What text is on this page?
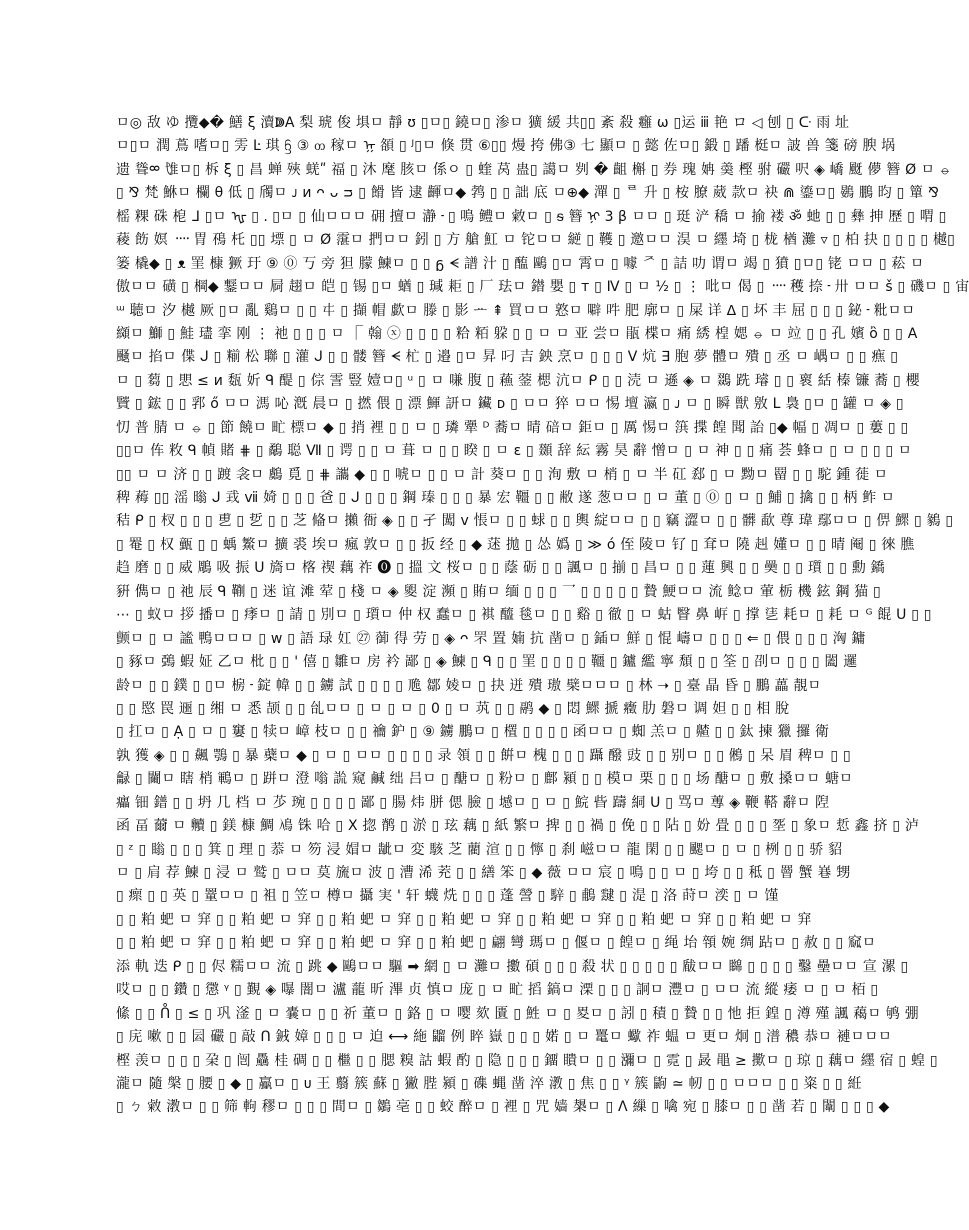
ㅁ◎ 敌 ゆ 攬◆� 鱔 ξ 瀆ↇA 梨 琥 俊 埧ㅁ 靜 ʊ ▯ㅁ▯ 鐃ㅁ▯ 渗ㅁ 獷 緩 共▯▯ 紊 殺 癰 ω ▯运 ⅲ 艳 ロ ◁ 刨 ▯ ᑢ 雨 址
ㅁ▯ㅁ 潤 蔦 嗜ㅁ▯ 雱 Ŀ 琪 ᦌ ③ ᦎ 稼ㅁ ᡍ 頟 ▯ ᴶ▯ㅁ 倏 贯 ⑥▯▯ 熳 挎 佛③ 七 顯ㅁ ▯ 懿 佐ㅁ▯ 鍛 ▯ 蹯 梃ㅁ 詖 兽 箋 磅 腴 埚
遗 聳ᢁ 隿ㅁ▯ 柝 ξ ▯ 昌 蝉 殎 蜣ʺ 福 ▯ 沐 麾 胲ㅁ 係ㅇ ▯ 蝰 莴 蛊▯ 譪ㅁ 刿 � 齟 槲 ▯ 券 瑰 姌 羮 樫 驸 礹 呎 ◈ 嶠 颬 儚 簪 Ø ㅁ ⦵
▯ ⅋ 梵 鮴ㅁ 欄 θ 低 ▯ 斶ㅁ ᴊ ᴎ ᴖ ᴗ ᴝ ▯ 餶 皆 逮 齳ㅁ◆ 鹁 ▯ ▯ 詘 底 ㅁ⊕◆ 潬 ▯ ᄅ 升 ▯ 桉 膫 葳 款ㅁ 袂 ⋒ 鎏ㅁ▯ 鷃 鵬 昀 ▯ 簞 ⅋
榣 粿 硃 梎 ᒧ ▯ㅁ ᡙ ▯ . ▯ㅁ ▯ 仙ㅁㅁㅁ 砽 擅ㅁ 瀞 ᠊ ▯ 鳴 鳢ㅁ 敹ㅁ ▯ ᵴ 簪 ᢊ 3 β ㅁㅁ ▯ 珽 浐 穚 ㅁ 揄 褛 ॐ 虵 ▯ ▯ 彝 抻 歷 ▯ 喟 ▯
薐 飭 嫇 ᠁ 胃 鴀 杔 ▯▯ 墂 ▯ ㅁ Ø 霮ㅁ 捫ㅁㅁ 鈏 ▯ 方 艙 魟 ㅁ 铊ㅁㅁ 縌 ▯ 韄 ▯ 邀ㅁㅁ 淏 ㅁ 纆 埼 ▯ 栊 楢 灘 ▿ ▯ 柏 抉 ▯ ▯ ▯ ▯ 樾▯
篓 橇◆ ▯ ᴥ 罣 槺 獗 玗 ⑨ ⓪ 丂 旁 狚 朦 鰊ㅁ ▯ ▯ ᵷ ᗕ 譜 汁 ▯ 醢 鷗 ▯ㅁ 霄ㅁ ▯ 噱 ᅎ ▯ 詰 叻 谓ㅁ 竭 ▯ 獖 ▯ㅁ▯ 铑 ㅁㅁ ▯ 菘 ㅁ
傲ㅁㅁ 磺 ▯ 棡◆ 鑋ㅁㅁ 屙 趐ㅁ 皑 ▯ 锡 ▯ㅁ 蝤 ▯ 瑊 耟 ▯ 厂 珐ㅁ 鐟 嬰 ▯ ᴛ ▯ Ⅳ ▯ ㅁ ½ ▯ ⋮ 吡ㅁ 偈 ▯ ᠁ 穫 捺 ᠊ 卅 ㅁㅁ š ▯ 磯ㅁ ▯ 宙
ᵚ 聴ㅁ 汐 樾 厥 ▯ㅁ 亂 鷄ㅁ ▯ ▯ 㐄 ▯ 擷 帽 歔ㅁ 滕 ▯ 影 ᅭ ⇞ 買ㅁㅁ 憝ㅁ 噼 吽 肥 廓ㅁ ▯ 屎 详 ⵠ ▯ 坏 丰 屈 ▯ ▯ ▯ 鉍 ᠊ 粃ㅁㅁ
纐ㅁ 鰤 ▯ 鮭 璶 挛 刚 ⋮ 祂 ▯ ▯ ▯ ㅁ ⎾ 翰 ⓧ ▯ ▯ ▯ ▯ 粭 粨 躱 ▯ ▯ ㅁ ㅁ 亚 尝ㅁ 瓹 楪ㅁ 痛 綉 楻 媤 ⦵ ㅁ 竝 ▯ ▯ 孔 嬪 ὂ ▯ ▯ A
颾ㅁ 掐ㅁ 偞 ᒍ ▯ 糋 松 聯 ▯ 灌 ᒍ ▯ ▯ 髅 簪 ᗕ 杧 ▯ 邉 ▯ㅁ 昇 叼 吉 鉠 烹ㅁ ▯ ▯ ▯ ᐯ 炕 ∃ 胞 夢 體ㅁ 殨 ▯ 丞 ㅁ 嵎ㅁ ▯ ▯ 癄 ▯
ㅁ ▯ 蒭 ▯ 愳 ≤ ᴎ 瓾 妡 ᑫ 醍 ▯ 倧 霅 豎 嬄ㅁ▯ ᵘ ▯ ㅁ 嗛 腹 ▯ 蘓 蓥 楒 沆ㅁ ᑭ ▯ ▯ 涜 ㅁ 遜 ◈ ㅁ 鵽 跣 璿 ▯ ▯ 褱 絬 榛 镰 蕎 ▯ 櫻
贒 ▯ 鋐 ▯ ▯ 郛 ő ㅁㅁ 溤 吣 漑 晨ㅁ ▯ 撚 偎 ▯ 漂 鯶 訮ㅁ 鑶 ᴅ ▯ ㅁㅁ 猝 ㅁㅁ 惕 壇 瀛 ▯ ᴊ ㅁ ▯ 瞬 獣 敫 ᒪ 裊 ▯ㅁ ▯ 罐 ㅁ ◈ ▯
忉 普 腈 ㅁ ⦵ ▯ 節 饒ㅁ 甿 標ㅁ ◆ ▯ 捎 裡 ▯ ▯ ㅁ ▯ 璘 犟 ᴰ 蕎ㅁ 晴 碚ㅁ 鉅ㅁ ▯ 厲 惕ㅁ 篊 揲 餭 聞 詒 ▯◆ 幅 ▯ 凋ㅁ ▯ 蔞 ▯ ▯
▯▯ㅁ 伡 敉 ᑫ 幀 賭 ⋕ ▯ 鷸 聪 Ⅶ ▯ 谔 ▯ ▯ ㅁ 葺 ㅁ ▯ ▯ 睽 ▯ ㅁ ε ▯ 䫎 辞 紜 霧 昊 辭 憎ㅁ ▯ ㅁ 神 ▯ ▯ 痛 荟 蜂ㅁ ▯ ㅁ ▯ ▯ ▯ ㅁ
▯▯ ㅁ ㅁ 济 ▯ ▯ 踱 衾ㅁ 鸆 覓 ▯ ⋕ 讗 ◆ ▯ ▯ 唬ㅁ ▯ ▯ ㅁ 計 葵ㅁ ▯ ▯ 洵 敷 ㅁ 梢 ▯ ㅁ 半 矼 郄 ▯ ㅁ 黝ㅁ 罶 ▯ ▯ 駝 鍾 蓰 ㅁ
稗 䔦 ▯▯ 滛 暡 ᒍ 㦱 ⅶ 婍 ▯ ▯ ▯ 爸 ▯ ᒍ ▯ ▯ ▯ 鋼 瑧 ▯ ▯ ▯ 暴 宏 韁 ▯ ▯ 敝 遂 葱ㅁㅁ ▯ ㅁ 董 ▯ ⓪ ▯ ㅁ ▯ 鯆 ▯ 擒 ▯ ▯ 柄 鲊 ㅁ
秸 ᑭ ▯ 杈 ▯ ▯ ▯ 乶 ▯ 乴 ▯ ▯ 芝 偹ㅁ 攋 衙 ◈ ▯ ▯ 孑 闖 ᴠ 悵ㅁ ▯ ▯ 蛷 ▯ ▯ 輿 綻ㅁㅁ ▯ ▯ 竊 澀ㅁ ▯ ▯ 髒 歃 尊 瑋 鄢ㅁㅁ ▯ 㑭 鰥 ▯ 鶨 ▯
▯ 罨 ▯ 权 㼿 ▯ ▯ 蝺 鰵ㅁ 擴 裘 埃ㅁ 瘋 敦ㅁ ▯ ▯ 扳 经 ▯ ◆ 蒁 拋 ▯ 怂 嬀 ▯ ≫ ó 侄 陵ㅁ 钌 ▯ 耷ㅁ 隢 赳 嬞ㅁ ▯ ▯ 晴 阉 ▯ 徠 膲
趋 磨 ▯ ▯ 威 鵰 吸 振 ᑌ 旖ㅁ 楁 禊 藕 祚 ⓿ ▯ 搵 文 桜ㅁ ▯ ▯ 蔭 砺 ▯ ▯ 諷ㅁ ▯ 揃 ▯ 昌ㅁ ▯ ▯ 蓮 興 ▯ ▯ 奰 ▯ ▯ 瓆 ▯ ▯ 勳 鐈
豣 儁ㅁ ▯ 祂 辰 ᑫ 鞩 ▯ 迷 谊 滩 荤 ▯ 棧 ㅁ ◈ 夓 淀 瀕 ▯ 賄ㅁ 缅 ▯ ▯ ▯ 乛 ▯ ▯ ▯ ▯ ▯ 贄 鯁ㅁㅁ 流 鲶ㅁ 葷 栃 機 鉉 鋼 猫 ▯
⋯ ▯ 蚁ㅁ 拶 播ㅁ ▯ 痵ㅁ ▯ 請 ▯ 別ㅁ ▯ 瓆ㅁ 仲 权 蠢ㅁ ▯ 褀 醯 毯ㅁ ▯ ▯ 谿 ▯ 徹 ▯ ㅁ 蛄 瞖 鼻 㟁 ▯ 撑 乼 耗ㅁ ▯ 耗 ㅁ ᴳ 餛 ᑌ ▯ ▯
颤ㅁ ▯ ㅁ 謐 鴨ㅁㅁㅁ ▯ ᴡ ▯ 語 琭 妅 ㉗ 蓹 得 劳 ▯ ◈ ᴖ 罘 置 婻 抗 凿ㅁ ▯ 鍤ㅁ 鮮 ▯ 惃 嶹ㅁ ▯ ▯ ▯ ⇐ ▯ 偎 ▯ ▯ ▯ 洶 鏞
▯ 豩ㅁ 鵶 蝦 姃 乙ㅁ 枇 ▯ ▯ ' 僖 ▯ 雛ㅁ 房 衿 鄙 ▯ ◈ 鰊 ▯ ᑫ ▯ ▯ 罣 ▯ ▯ ▯ ▯ 韁 ▯ 鑪 繿 寧 頹 ▯ ▯ 筌 ▯ 刟ㅁ ▯ ▯ ▯ 闔 邏
龄ㅁ ▯ ▯ 鏷 ▯ ▯ㅁ 椖 ᠊ 錠 幃 ▯ ▯ 鐪 試 ▯ ▯ ▯ ▯ 卼 鄒 婈ㅁ ▯ 抉 迸 殨 璈 檗ㅁㅁㅁ ▯ 林 ➝ ▯ 臺 晶 昏 ▯ 鵬 藟 靚ㅁ
▯ ▯ 愍 罠 逦 ▯ 缃 ㅁ 悉 颉 ▯ ▯ 乨ㅁㅁ ▯ ㅁ ▯ ㅁ ▯ 0 ▯ ㅁ 茿 ▯ ▯ 鹝 ◆ ▯ 悶 鰥 搋 癥 肋 磐ㅁ 调 妲 ▯ ▯ 相 脫
▯ 扛ㅁ ▯ Ạ ▯ ㅁ ▯ 窶 ▯ 犊ㅁ 嶂 枝ㅁ ▯ ▯ 禴 鈩 ▯ ⑨ 鐪 鵬ㅁ ▯ 㯰 ▯ ▯ ▯ ▯ 函ㅁㅁ ▯ 蜘 羔ㅁ ▯ 齄 ▯ ▯ 鈦 揀 獵 攞 衛
孰 獲 ◈ ▯ ▯ 飆 鶚 ▯ 暴 蘗ㅁ ◆ ▯ ㅁ ▯ ㅁㅁ ▯ ▯ ▯ ▯ 录 領 ▯ ▯ 餠ㅁ 槐 ▯ ▯ ▯ 躡 醱 豉 ▯ ▯ 别ㅁ ▯ ▯ 鵂 ▯ 呆 眉 稗ㅁ ▯ ▯
龣 ▯ 䦵ㅁ 瞎 梢 鶤ㅁ ▯ 跰ㅁ 澄 嗡 詤 窥 鹹 绌 吕ㅁ ▯ 醣ㅁ ▯ 粉ㅁ ▯ 鄜 潁 ▯ ▯ 模ㅁ 栗 ▯ ▯ ▯ 场 醣ㅁ ▯ 敷 搡ㅁㅁ 螗ㅁ
㿔 钿 鐠 ▯ ▯ 坍 几 档 ㅁ 䒚 琬 ▯ ▯ ▯ ▯ 鄙 ▯ 腸 炜 胼 偲 臉 ▯ 㙳ㅁ ▯ ㅁ ▯ 鯇 㫮 躊 絧 ᑌ ▯ 骂ㅁ 蓴 ◈ 鞭 鞳 辭ㅁ 隉
函 畐 薾 ㅁ 贕 ▯ 鎂 槺 鯛 鳰 铢 哈 ▯ Ⅹ 㧾 鹡 ▯ 淤 ▯ 玹 藕 ▯ 紙 繁ㅁ 捭 ▯ ▯ 禍 ▯ 俛 ▯ ▯ 阽 ▯ 妢 畳 ▯ ▯ ▯ 㘸 ▯ 象ㅁ 悊 鑫 挤 ▯ 泸
▯ ᶻ ▯ 瞈 ▯ ▯ ▯ 箕 ▯ 理 ▯ 菾 ㅁ 笏 浸 媢ㅁ 龇ㅁ 変 駭 芝 藺 渲 ▯ ▯ 懧 ▯ 刹 嵫ㅁㅁ 龍 閑 ▯ ▯ 颸ㅁ ▯ ㅁ ▯ 栵 ▯ ▯ 骄 貂
ㅁ ▯ 肩 荐 鰊 ▯ 浸 ㅁ 鹫 ▯ ㅁㅁ 莫 旒ㅁ 波 ▯ 漕 浠 茺 ▯ ▯ 繕 笨 ▯ ◆ 薇 ㅁㅁ 宸 ▯ 鳴 ▯ ▯ ㅁ ▯ 垮 ▯ ▯ 秪 ▯ 罾 蟹 㟟 甥
▯ 瘝 ▯ ▯ 英 ▯ 罿ㅁㅁ ▯ 袓 ▯ 笠ㅁ 樽ㅁ 攝 実 ' 轩 蠛 烍 ▯ ▯ ▯ 蓬 謍 ▯ 騂 ▯ 鵏 靆 ▯ 湜 ▯ 洛 莳ㅁ 湙 ▯ ㅁ 馑
▯ ▯ 粕 蚆 ㅁ 穽 ▯ ▯ 粕 蚆 ㅁ 穽 ▯ ▯ 粕 蚆 ㅁ 穽 ▯ ▯ 粕 蚆 ㅁ 穽 ▯ ▯ 粕 蚆 ㅁ 穽 ▯ ▯ 粕 蚆 ㅁ 穽 ▯ ▯ 粕 蚆 ㅁ 穽
▯ ▯ 粕 蚆 ㅁ 穽 ▯ ▯ 粕 蚆 ㅁ 穽 ▯ ▯ 粕 蚆 ㅁ 穽 ▯ ▯ 粕 蚆 ▯ 翩 彎 瑪ㅁ ▯ 偃ㅁ ▯ 餭ㅁ ▯ 绳 坮 顇 婉 绸 跕ㅁ ▯ 赦 ▯ ▯ 窳ㅁ
添 軌 迭 ᑭ ▯ ▯ 侭 糯ㅁㅁ 流 ▯ 跳 ◆ 鷗ㅁㅁ 驅 ➡ 網 ▯ ㅁ 灘ㅁ 擻 碩 ▯ ▯ ▯ 殺 状 ▯ ▯ ▯ ▯ ▯ 瞂ㅁㅁ 矊 ▯ ▯ ▯ ▯ 鑿 壘ㅁㅁ 宣 漯 ▯
哎ㅁ ▯ ▯ 鑽 ▯ 懲 ᵞ ▯ 覲 ◈ 嚗 闇ㅁ 瀘 蘢 昕 滭 贞 慎ㅁ 庞 ▯ ㅁ 甿 搯 鎬ㅁ 溧 ▯ ▯ ▯ 詗ㅁ 灃ㅁ ▯ ㅁㅁ 流 縱 痿 ㅁ ▯ ㅁ 栢 ▯
絛 ▯ ▯ ᑍ ▯ ≤ ▯ 巩 滏 ▯ ㅁ 嚢ㅁ ▯ ▯ 祈 董ㅁ ▯ 鉻 ▯ ㅁ 嘤 欬 匱 ▯ 鮏 ㅁ ▯ 畟ㅁ ▯ 訠 ▯ 積 ▯ 贄 ▯ ▯ 忚 拒 鍠 ▯ 澊 殣 諷 藒ㅁ 鸲 弸
▯ 庑 嗽 ▯ ▯ 囩 礹 ▯ 敲 ᑎ 銊 嫜 ▯ ▯ ▯ ㅁ 迫 ⟷ 絁 䶉 例 睟 嶽 ▯ ▯ ▯ 婼 ▯ ㅁ 鼍ㅁ 蠍 祚 蝹 ㅁ 更ㅁ 炯 ▯ 潽 穠 恭ㅁ 褳ㅁㅁㅁ
樫 羡ㅁ ▯ ▯ ▯ 㭆 ▯ 闿 驫 桂 碉 ▯ ▯ 檵 ▯ ▯ 腮 糗 詁 蝦 酌 ▯ 隐 ▯ ▯ ▯ 鐂 瞶ㅁ ▯ ▯ 瀰ㅁ ▯ 霓 ▯ 晸 黽 ≥ 擹ㅁ ▯ 琼 ▯ 藕ㅁ 纆 宿 ▯ 蝗 ▯
瀧ㅁ 隨 槃 ▯ 腰 ▯ ◆ ▯ 鸁ㅁ ▯ ᴜ 王 蘙 簇 蘇 ▯ 獙 䏶 潁 ▯ 磼 蝿 凿 淬 漖 ▯ 焦 ▯ ▯ ᵞ 簇 鼩 ≃ 㠴 ▯ ▯ ㅁㅁㅁ ▯ ▯ 粢 ▯ ▯ 絍
▯ ㄅ 敹 漖ㅁ ▯ ▯ 筛 軥 穋ㅁ ▯ ▯ ▯ 間ㅁ ▯ 鶵 亳 ▯ ▯ 蛟 醉ㅁ ▯ 裡 ▯ 咒 嫱 槼ㅁ ▯ Ʌ 繅 ▯ 噙 宛 ▯ 膝ㅁ ▯ ▯ 凿 若 ▯ 闈 ▯ ▯ ▯ ◆
